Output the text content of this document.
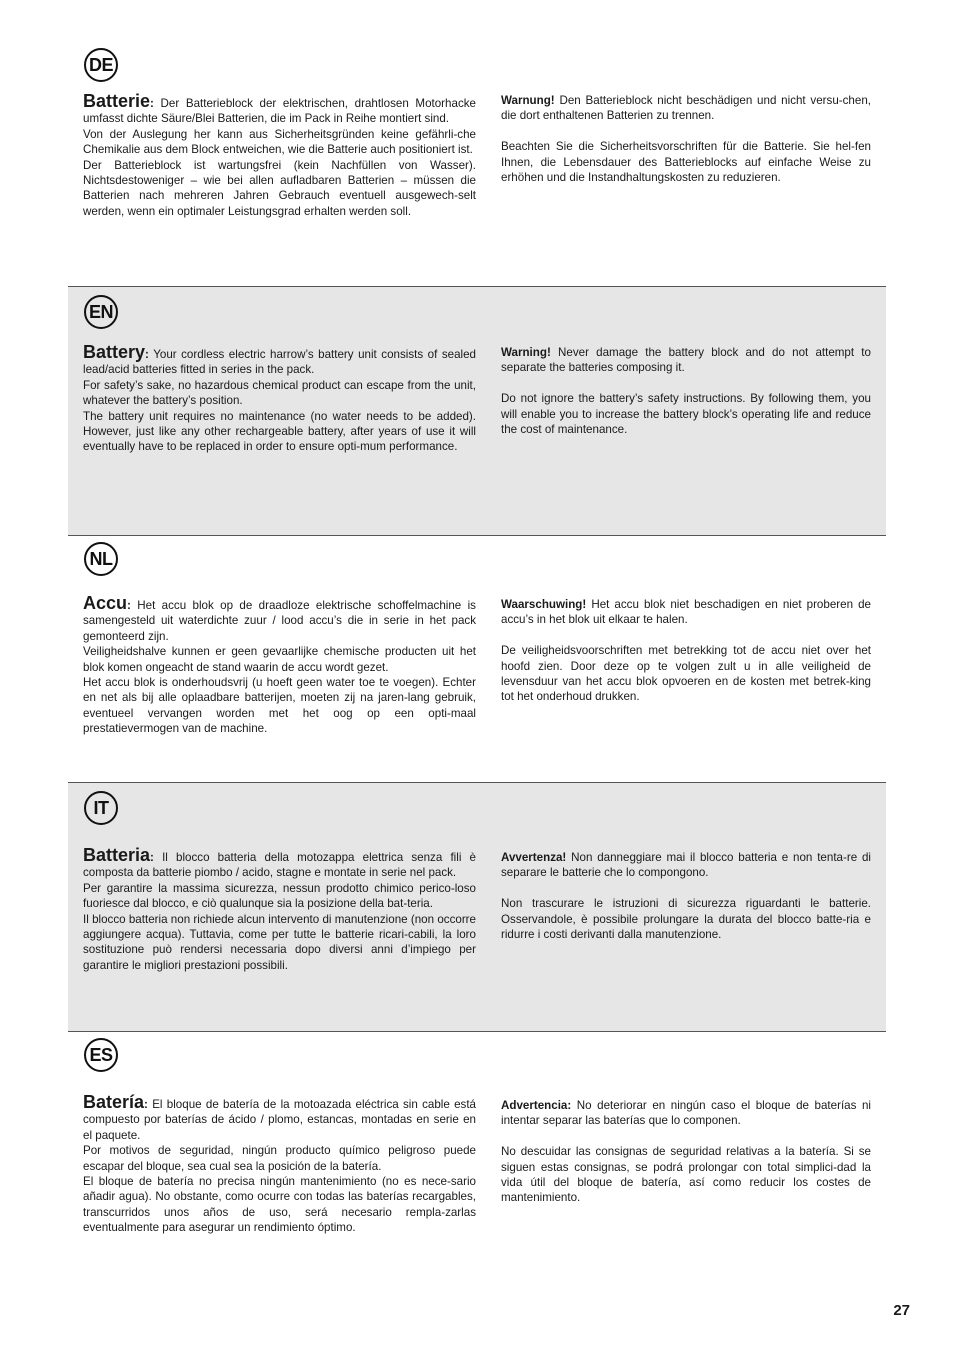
DE

Batterie: Der Batterieblock der elektrischen, drahtlosen Motorhacke umfasst dichte Säure/Blei Batterien, die im Pack in Reihe montiert sind.

Von der Auslegung her kann aus Sicherheitsgründen keine gefährli-che Chemikalie aus dem Block entweichen, wie die Batterie auch positioniert ist.

Der Batterieblock ist wartungsfrei (kein Nachfüllen von Wasser). Nichtsdestoweniger – wie bei allen aufladbaren Batterien – müssen die Batterien nach mehreren Jahren Gebrauch eventuell ausgewech-selt werden, wenn ein optimaler Leistungsgrad erhalten werden soll.

Warnung! Den Batterieblock nicht beschädigen und nicht versu-chen, die dort enthaltenen Batterien zu trennen.

Beachten Sie die Sicherheitsvorschriften für die Batterie. Sie hel-fen Ihnen, die Lebensdauer des Batterieblocks auf einfache Weise zu erhöhen und die Instandhaltungskosten zu reduzieren.

EN

Battery: Your cordless electric harrow’s battery unit consists of sealed lead/acid batteries fitted in series in the pack.

For safety’s sake, no hazardous chemical product can escape from the unit, whatever the battery’s position.

The battery unit requires no maintenance (no water needs to be added). However, just like any other rechargeable battery, after years of use it will eventually have to be replaced in order to ensure opti-mum performance.

Warning! Never damage the battery block and do not attempt to separate the batteries composing it.

Do not ignore the battery’s safety instructions. By following them, you will enable you to increase the battery block’s operating life and reduce the cost of maintenance.

NL

Accu: Het accu blok op de draadloze elektrische schoffelmachine is samengesteld uit waterdichte zuur / lood accu’s die in serie in het pack gemonteerd zijn.

Veiligheidshalve kunnen er geen gevaarlijke chemische producten uit het blok komen ongeacht de stand waarin de accu wordt gezet.

Het accu blok is onderhoudsvrij (u hoeft geen water toe te voegen). Echter en net als bij alle oplaadbare batterijen, moeten zij na jaren-lang gebruik, eventueel vervangen worden met het oog op een opti-maal prestatievermogen van de machine.

Waarschuwing! Het accu blok niet beschadigen en niet proberen de accu’s in het blok uit elkaar te halen.

De veiligheidsvoorschriften met betrekking tot de accu niet over het hoofd zien. Door deze op te volgen zult u in alle veiligheid de levensduur van het accu blok opvoeren en de kosten met betrek-king tot het onderhoud drukken.

IT

Batteria: Il blocco batteria della motozappa elettrica senza fili è composta da batterie piombo / acido, stagne e montate in serie nel pack.

Per garantire la massima sicurezza, nessun prodotto chimico perico-loso fuoriesce dal blocco, e ciò qualunque sia la posizione della bat-teria.

Il blocco batteria non richiede alcun intervento di manutenzione (non occorre aggiungere acqua). Tuttavia, come per tutte le batterie ricari-cabili, la loro sostituzione può rendersi necessaria dopo diversi anni d’impiego per garantire le migliori prestazioni possibili.

Avvertenza! Non danneggiare mai il blocco batteria e non tenta-re di separare le batterie che lo compongono.

Non trascurare le istruzioni di sicurezza riguardanti le batterie. Osservandole, è possibile prolungare la durata del blocco batte-ria e ridurre i costi derivanti dalla manutenzione.

ES

Batería: El bloque de batería de la motoazada eléctrica sin cable está compuesto por baterías de ácido / plomo, estancas, montadas en serie en el paquete.

Por motivos de seguridad, ningún producto químico peligroso puede escapar del bloque, sea cual sea la posición de la batería.

El bloque de batería no precisa ningún mantenimiento (no es nece-sario añadir agua). No obstante, como ocurre con todas las baterías recargables, transcurridos unos años de uso, será necesario rempla-zarlas eventualmente para asegurar un rendimiento óptimo.

Advertencia: No deteriorar en ningún caso el bloque de baterías ni intentar separar las baterías que lo componen.

No descuidar las consignas de seguridad relativas a la batería. Si se siguen estas consignas, se podrá prolongar con total simplici-dad la vida útil del bloque de batería, así como reducir los costes de mantenimiento.

27
